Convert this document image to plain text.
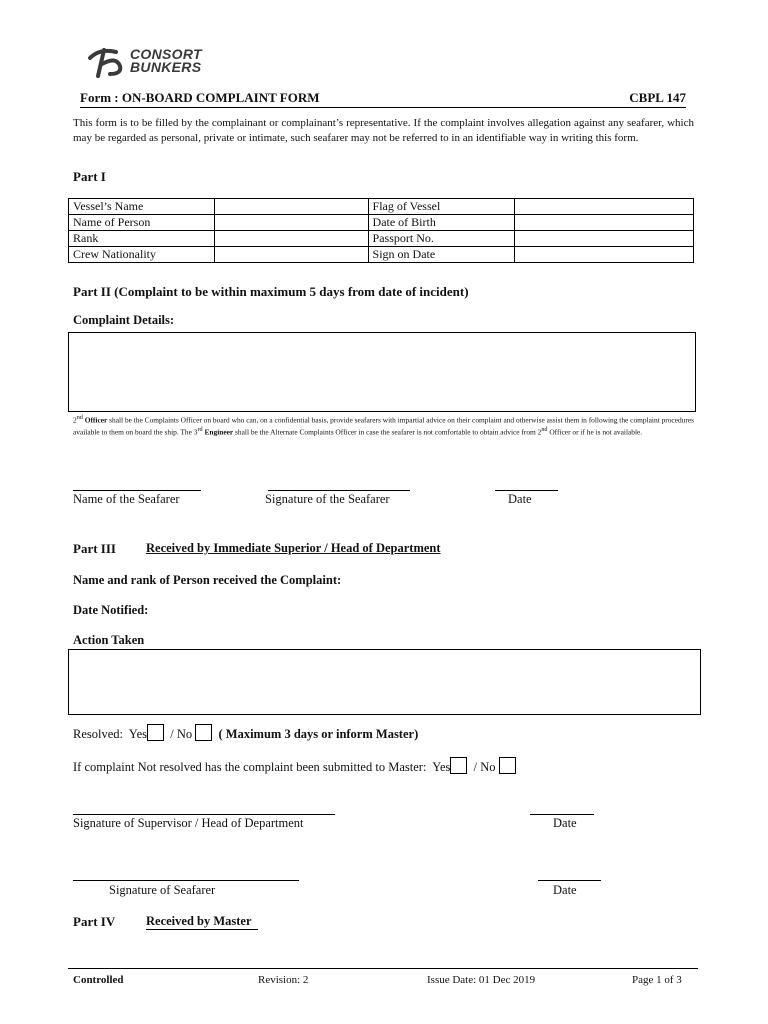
CONSORT
BUNKERS
Form : ON-BOARD COMPLAINT FORM	CBPL 147
This form is to be filled by the complainant or complainant’s representative. If the complaint involves allegation against any seafarer, which may be regarded as personal, private or intimate, such seafarer may not be referred to in an identifiable way in writing this form.
Part I
Vessel’s Name		Flag of Vessel	
Name of Person		Date of Birth	
Rank		Passport No.	
Crew Nationality		Sign on Date	
Part II (Complaint to be within maximum 5 days from date of incident)
Complaint Details:
2nd Officer shall be the Complaints Officer on board who can, on a confidential basis, provide seafarers with impartial advice on their complaint and otherwise assist them in following the complaint procedures available to them on board the ship. The 3rd Engineer shall be the Alternate Complaints Officer in case the seafarer is not comfortable to obtain advice from 2nd Officer or if he is not available.
Name of the Seafarer	Signature of the Seafarer	Date
Part III Received by Immediate Superior / Head of Department
Name and rank of Person received the Complaint:
Date Notified:
Action Taken
Resolved: Yes / No ( Maximum 3 days or inform Master)
If complaint Not resolved has the complaint been submitted to Master: Yes / No
Signature of Supervisor / Head of Department	Date
Signature of Seafarer	Date
Part IV Received by Master
Controlled	Revision: 2	Issue Date: 01 Dec 2019	Page 1 of 3
